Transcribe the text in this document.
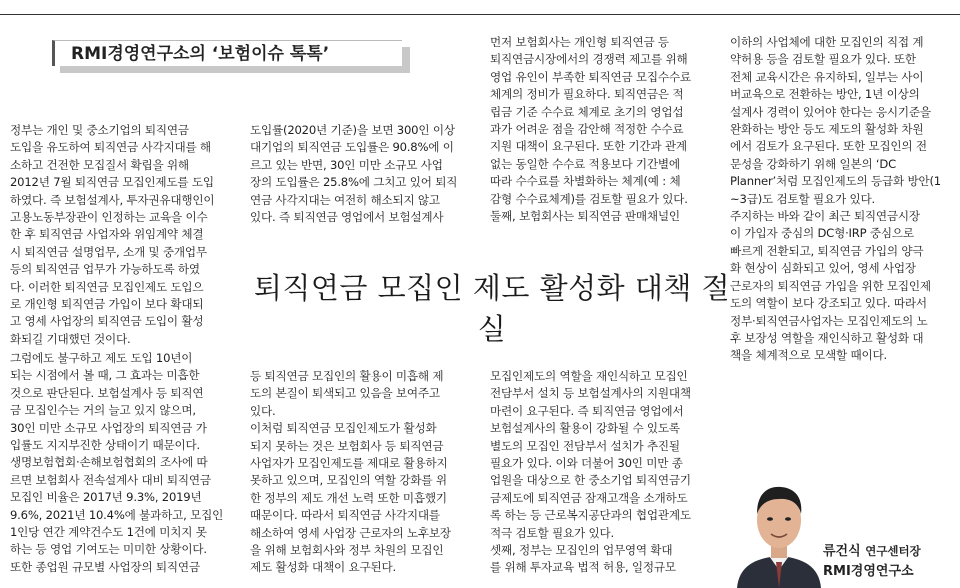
RMI경영연구소의 ‘보험이슈 톡톡’

정부는 개인 및 중소기업의 퇴직연금
도입을 유도하여 퇴직연금 사각지대를 해
소하고 건전한 모집질서 확립을 위해
2012년 7월 퇴직연금 모집인제도를 도입
하였다. 즉 보험설계사, 투자권유대행인이
고용노동부장관이 인정하는 교육을 이수
한 후 퇴직연금 사업자와 위임계약 체결
시 퇴직연금 설명업무, 소개 및 중개업무
등의 퇴직연금 업무가 가능하도록 하였
다. 이러한 퇴직연금 모집인제도 도입으
로 개인형 퇴직연금 가입이 보다 확대되
고 영세 사업장의 퇴직연금 도입이 활성
화되길 기대했던 것이다.

도입률(2020년 기준)을 보면 300인 이상
대기업의 퇴직연금 도입률은 90.8%에 이
르고 있는 반면, 30인 미만 소규모 사업
장의 도입률은 25.8%에 그치고 있어 퇴직
연금 사각지대는 여전히 해소되지 않고
있다. 즉 퇴직연금 영업에서 보험설계사

먼저 보험회사는 개인형 퇴직연금 등
퇴직연금시장에서의 경쟁력 제고를 위해
영업 유인이 부족한 퇴직연금 모집수수료
체계의 정비가 필요하다. 퇴직연금은 적
립금 기준 수수료 체계로 초기의 영업섭
과가 어려운 점을 감안해 적정한 수수료
지원 대책이 요구된다. 또한 기간과 관계
없는 동일한 수수료 적용보다 기간별에
따라 수수료를 차별화하는 체계(예 : 체
감형 수수료체계)를 검토할 필요가 있다.
둘째, 보험회사는 퇴직연금 판매채널인

이하의 사업체에 대한 모집인의 직접 계
약허용 등을 검토할 필요가 있다. 또한
전체 교육시간은 유지하되, 일부는 사이
버교육으로 전환하는 방안, 1년 이상의
설계사 경력이 있어야 한다는 응시기준을
완화하는 방안 등도 제도의 활성화 차원
에서 검토가 요구된다. 또한 모집인의 전
문성을 강화하기 위해 일본의 ‘DC
Planner’처럼 모집인제도의 등급화 방안(1
~3급)도 검토할 필요가 있다.
주지하는 바와 같이 최근 퇴직연금시장
이 가입자 중심의 DC형·IRP 중심으로
빠르게 전환되고, 퇴직연금 가입의 양극
화 현상이 심화되고 있어, 영세 사업장
근로자의 퇴직연금 가입을 위한 모집인제
도의 역할이 보다 강조되고 있다. 따라서
정부·퇴직연금사업자는 모집인제도의 노
후 보장성 역할을 재인식하고 활성화 대
책을 체계적으로 모색할 때이다.

퇴직연금 모집인 제도 활성화 대책 절실

그럼에도 불구하고 제도 도입 10년이
되는 시점에서 볼 때, 그 효과는 미흡한
것으로 판단된다. 보험설계사 등 퇴직연
금 모집인수는 거의 늘고 있지 않으며,
30인 미만 소규모 사업장의 퇴직연금 가
입률도 지지부진한 상태이기 때문이다.
생명보험협회·손해보험협회의 조사에 따
르면 보험회사 전속설계사 대비 퇴직연금
모집인 비율은 2017년 9.3%, 2019년
9.6%, 2021년 10.4%에 불과하고, 모집인
1인당 연간 계약건수도 1건에 미치지 못
하는 등 영업 기여도는 미미한 상황이다.
또한 종업원 규모별 사업장의 퇴직연금

등 퇴직연금 모집인의 활용이 미흡해 제
도의 본질이 퇴색되고 있음을 보여주고
있다.
이처럼 퇴직연금 모집인제도가 활성화
되지 못하는 것은 보험회사 등 퇴직연금
사업자가 모집인제도를 제대로 활용하지
못하고 있으며, 모집인의 역할 강화를 위
한 정부의 제도 개선 노력 또한 미흡했기
때문이다. 따라서 퇴직연금 사각지대를
해소하여 영세 사업장 근로자의 노후보장
을 위해 보험회사와 정부 차원의 모집인
제도 활성화 대책이 요구된다.

모집인제도의 역할을 재인식하고 모집인
전담부서 설치 등 보험설계사의 지원대책
마련이 요구된다. 즉 퇴직연금 영업에서
보험설계사의 활용이 강화될 수 있도록
별도의 모집인 전담부서 설치가 추진될
필요가 있다. 이와 더불어 30인 미만 종
업원을 대상으로 한 중소기업 퇴직연금기
금제도에 퇴직연금 잠재고객을 소개하도
록 하는 등 근로복지공단과의 협업관계도
적극 검토할 필요가 있다.
셋째, 정부는 모집인의 업무영역 확대
를 위해 투자교육 법적 허용, 일정규모

류건식 연구센터장
RMI경영연구소
